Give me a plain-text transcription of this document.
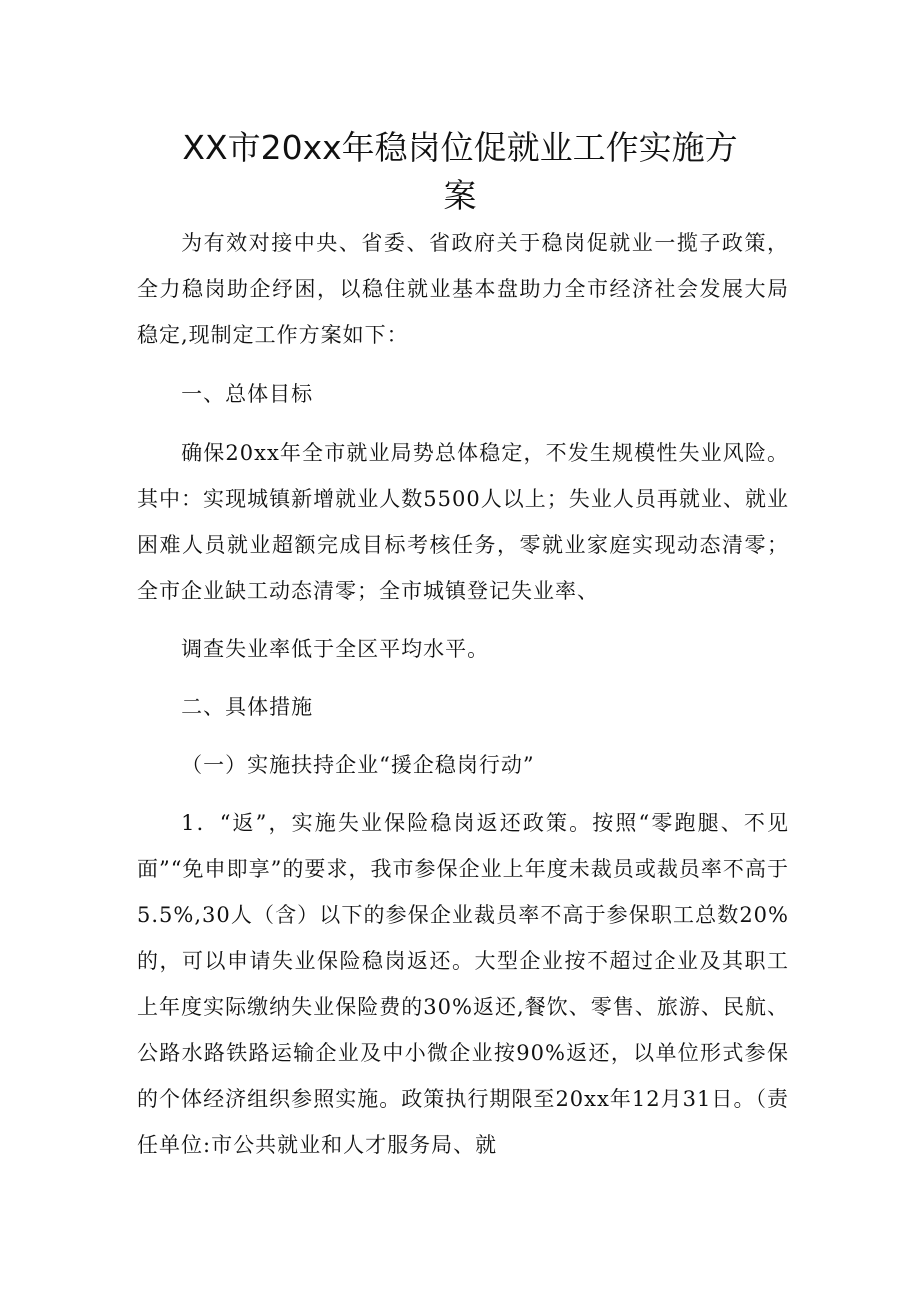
XX市20xx年稳岗位促就业工作实施方
案

为有效对接中央、省委、省政府关于稳岗促就业一揽子政策，全力稳岗助企纾困，以稳住就业基本盘助力全市经济社会发展大局稳定,现制定工作方案如下：

一、总体目标

确保20xx年全市就业局势总体稳定，不发生规模性失业风险。其中：实现城镇新增就业人数5500人以上；失业人员再就业、就业困难人员就业超额完成目标考核任务，零就业家庭实现动态清零；全市企业缺工动态清零；全市城镇登记失业率、

调查失业率低于全区平均水平。

二、具体措施

（一）实施扶持企业“援企稳岗行动”

1．“返”，实施失业保险稳岗返还政策。按照“零跑腿、不见面”“免申即享”的要求，我市参保企业上年度未裁员或裁员率不高于5.5%,30人（含）以下的参保企业裁员率不高于参保职工总数20%的，可以申请失业保险稳岗返还。大型企业按不超过企业及其职工上年度实际缴纳失业保险费的30%返还,餐饮、零售、旅游、民航、公路水路铁路运输企业及中小微企业按90%返还，以单位形式参保的个体经济组织参照实施。政策执行期限至20xx年12月31日。（责任单位:市公共就业和人才服务局、就
